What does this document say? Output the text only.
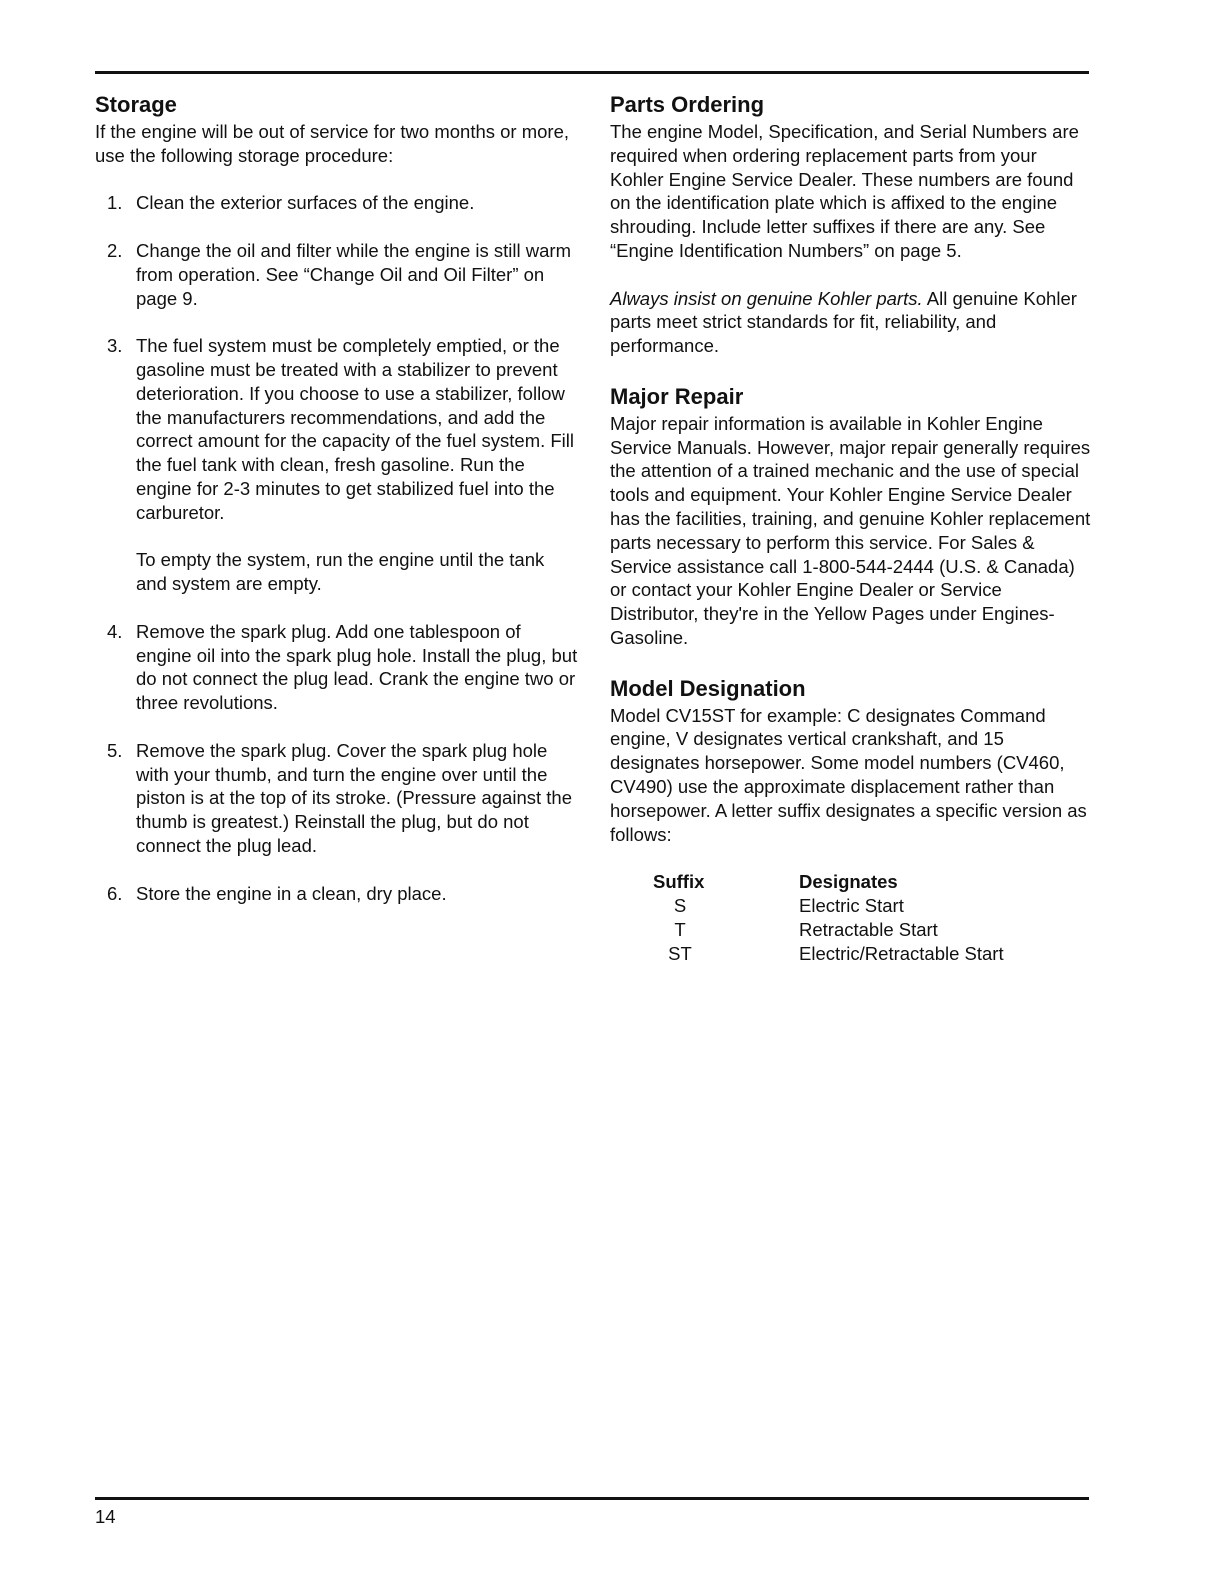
Storage

If the engine will be out of service for two months or more, use the following storage procedure:

1. Clean the exterior surfaces of the engine.
2. Change the oil and filter while the engine is still warm from operation. See “Change Oil and Oil Filter” on page 9.
3. The fuel system must be completely emptied, or the gasoline must be treated with a stabilizer to prevent deterioration. If you choose to use a stabilizer, follow the manufacturers recommendations, and add the correct amount for the capacity of the fuel system. Fill the fuel tank with clean, fresh gasoline. Run the engine for 2-3 minutes to get stabilized fuel into the carburetor.

To empty the system, run the engine until the tank and system are empty.

4. Remove the spark plug. Add one tablespoon of engine oil into the spark plug hole. Install the plug, but do not connect the plug lead. Crank the engine two or three revolutions.
5. Remove the spark plug. Cover the spark plug hole with your thumb, and turn the engine over until the piston is at the top of its stroke. (Pressure against the thumb is greatest.) Reinstall the plug, but do not connect the plug lead.
6. Store the engine in a clean, dry place.
Parts Ordering

The engine Model, Specification, and Serial Numbers are required when ordering replacement parts from your Kohler Engine Service Dealer. These numbers are found on the identification plate which is affixed to the engine shrouding. Include letter suffixes if there are any. See “Engine Identification Numbers” on page 5.

Always insist on genuine Kohler parts. All genuine Kohler parts meet strict standards for fit, reliability, and performance.

Major Repair

Major repair information is available in Kohler Engine Service Manuals. However, major repair generally requires the attention of a trained mechanic and the use of special tools and equipment. Your Kohler Engine Service Dealer has the facilities, training, and genuine Kohler replacement parts necessary to perform this service. For Sales & Service assistance call 1-800-544-2444 (U.S. & Canada) or contact your Kohler Engine Dealer or Service Distributor, they're in the Yellow Pages under Engines-Gasoline.

Model Designation

Model CV15ST for example: C designates Command engine, V designates vertical crankshaft, and 15 designates horsepower. Some model numbers (CV460, CV490) use the approximate displacement rather than horsepower. A letter suffix designates a specific version as follows:

Suffix	Designates
S	Electric Start
T	Retractable Start
ST	Electric/Retractable Start
14
